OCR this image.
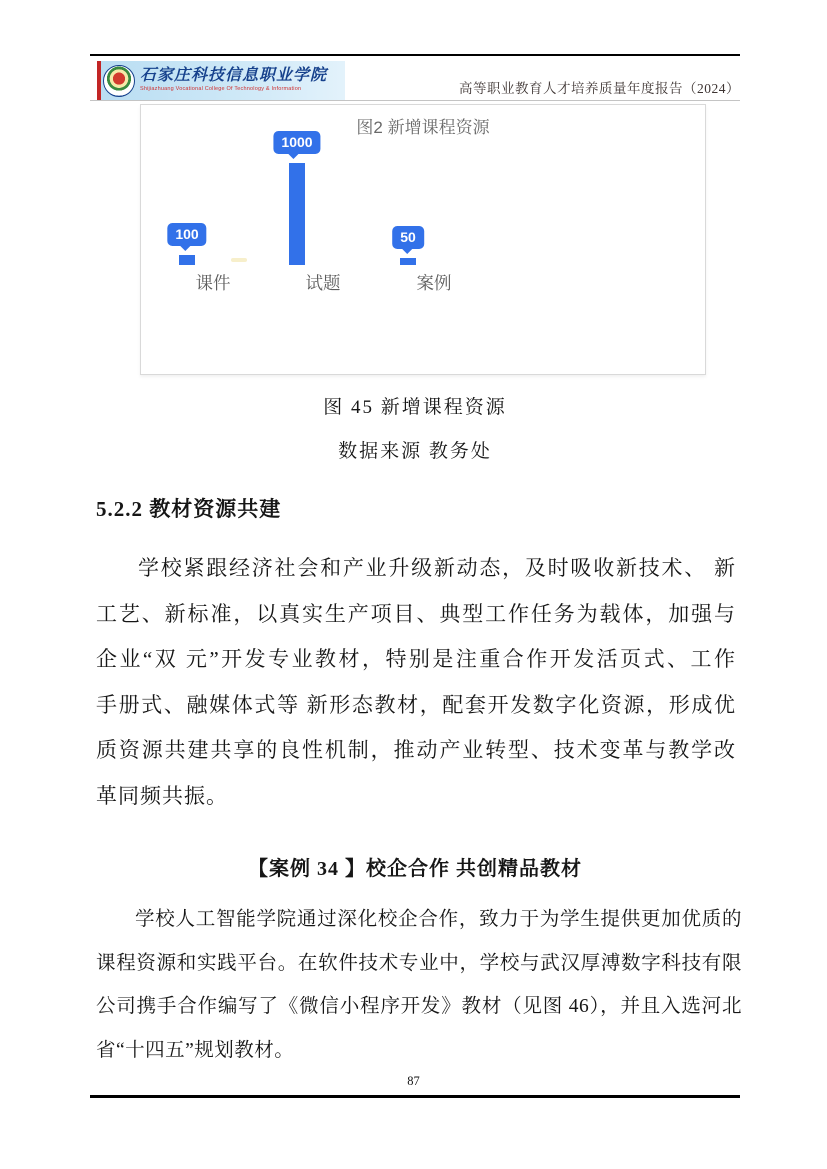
石家庄科技信息职业学院
Shijiazhuang Vocational College Of Technology & Information	高等职业教育人才培养质量年度报告（2024）
图2 新增课程资源
100
1000
50
课件	试题	案例
图 45 新增课程资源
数据来源 教务处
5.2.2 教材资源共建
学校紧跟经济社会和产业升级新动态，及时吸收新技术、 新
工艺、新标准，以真实生产项目、典型工作任务为载体，加强与
企业“双 元”开发专业教材，特别是注重合作开发活页式、工作
手册式、融媒体式等 新形态教材，配套开发数字化资源，形成优
质资源共建共享的良性机制，推动产业转型、技术变革与教学改
革同频共振。
【案例 34 】校企合作 共创精品教材
学校人工智能学院通过深化校企合作，致力于为学生提供更加优质的
课程资源和实践平台。在软件技术专业中，学校与武汉厚溥数字科技有限
公司携手合作编写了《微信小程序开发》教材（见图 46），并且入选河北
省“十四五”规划教材。
87
